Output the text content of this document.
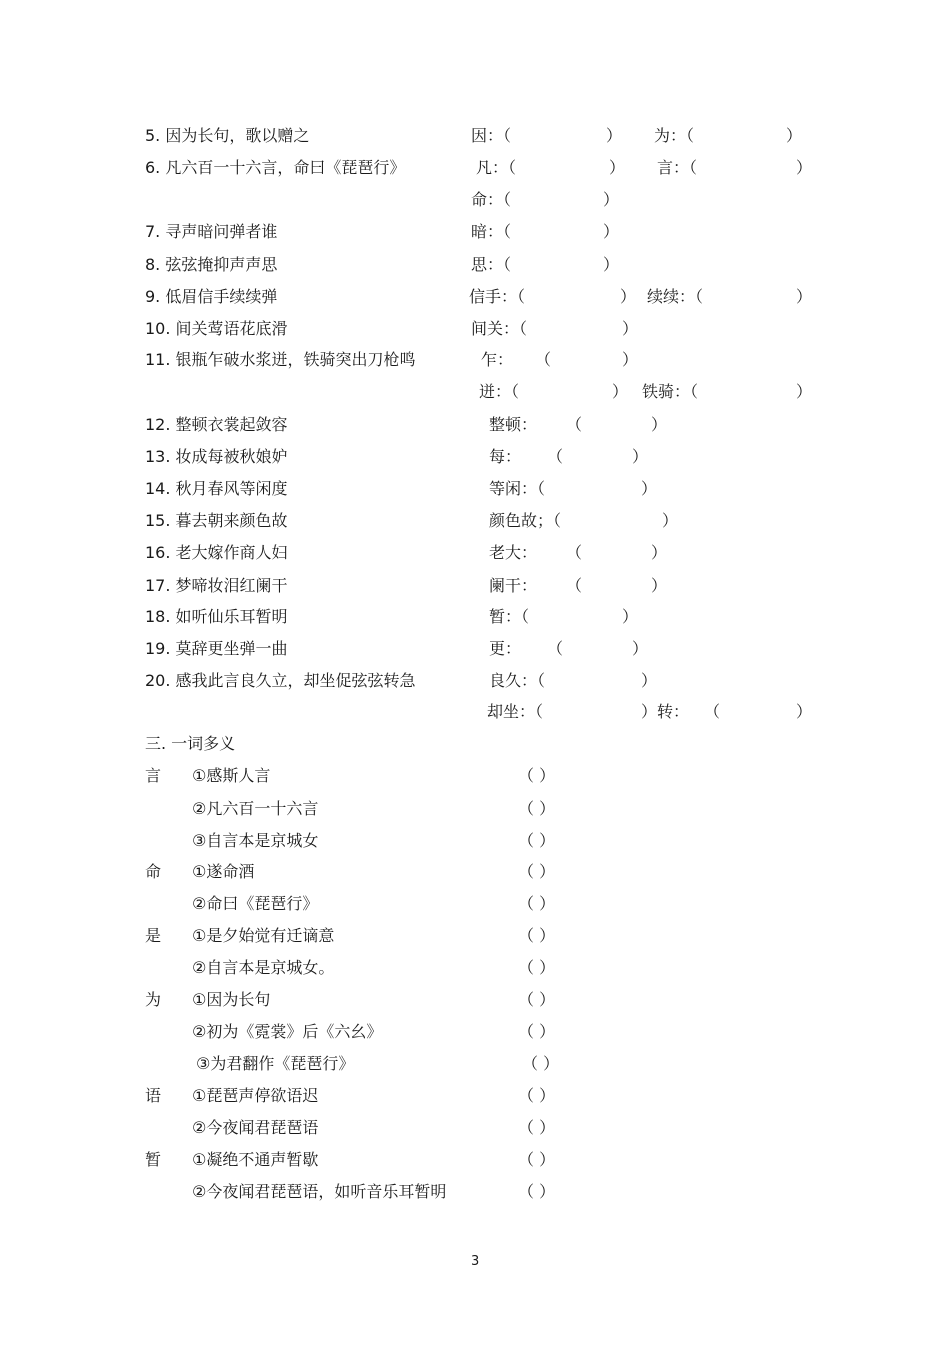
5. 因为长句，歌以赠之	因：（	） 为：（	）
6. 凡六百一十六言，命曰《琵琶行》	凡：（	） 言：（	）
命：（	）
7. 寻声暗问弹者谁	暗：（	）
8. 弦弦掩抑声声思	思：（	）
9. 低眉信手续续弹	信手：（	） 续续：（	）
10. 间关莺语花底滑	间关：（	）
11. 银瓶乍破水浆迸，铁骑突出刀枪鸣	乍： （	）
迸：（	） 铁骑：（	）
12. 整顿衣裳起敛容	整顿： （	）
13. 妆成每被秋娘妒	每： （	）
14. 秋月春风等闲度	等闲：（	）
15. 暮去朝来颜色故	颜色故；（	）
16. 老大嫁作商人妇	老大： （	）
17. 梦啼妆泪红阑干	阑干： （	）
18. 如听仙乐耳暂明	暂：（	）
19. 莫辞更坐弹一曲	更： （	）
20. 感我此言良久立，却坐促弦弦转急	良久：（	）
却坐：（	）转： （	）
三. 一词多义
言 ①感斯人言	（ ）
②凡六百一十六言	（ ）
③自言本是京城女	（ ）
命 ①遂命酒	（ ）
②命曰《琵琶行》	（ ）
是 ①是夕始觉有迁谪意	（ ）
②自言本是京城女。	（ ）
为 ①因为长句	（ ）
②初为《霓裳》后《六幺》	（ ）
③为君翻作《琵琶行》	（ ）
语 ①琵琶声停欲语迟	（ ）
②今夜闻君琵琶语	（ ）
暂 ①凝绝不通声暂歇	（ ）
②今夜闻君琵琶语，如听音乐耳暂明	（ ）
3
